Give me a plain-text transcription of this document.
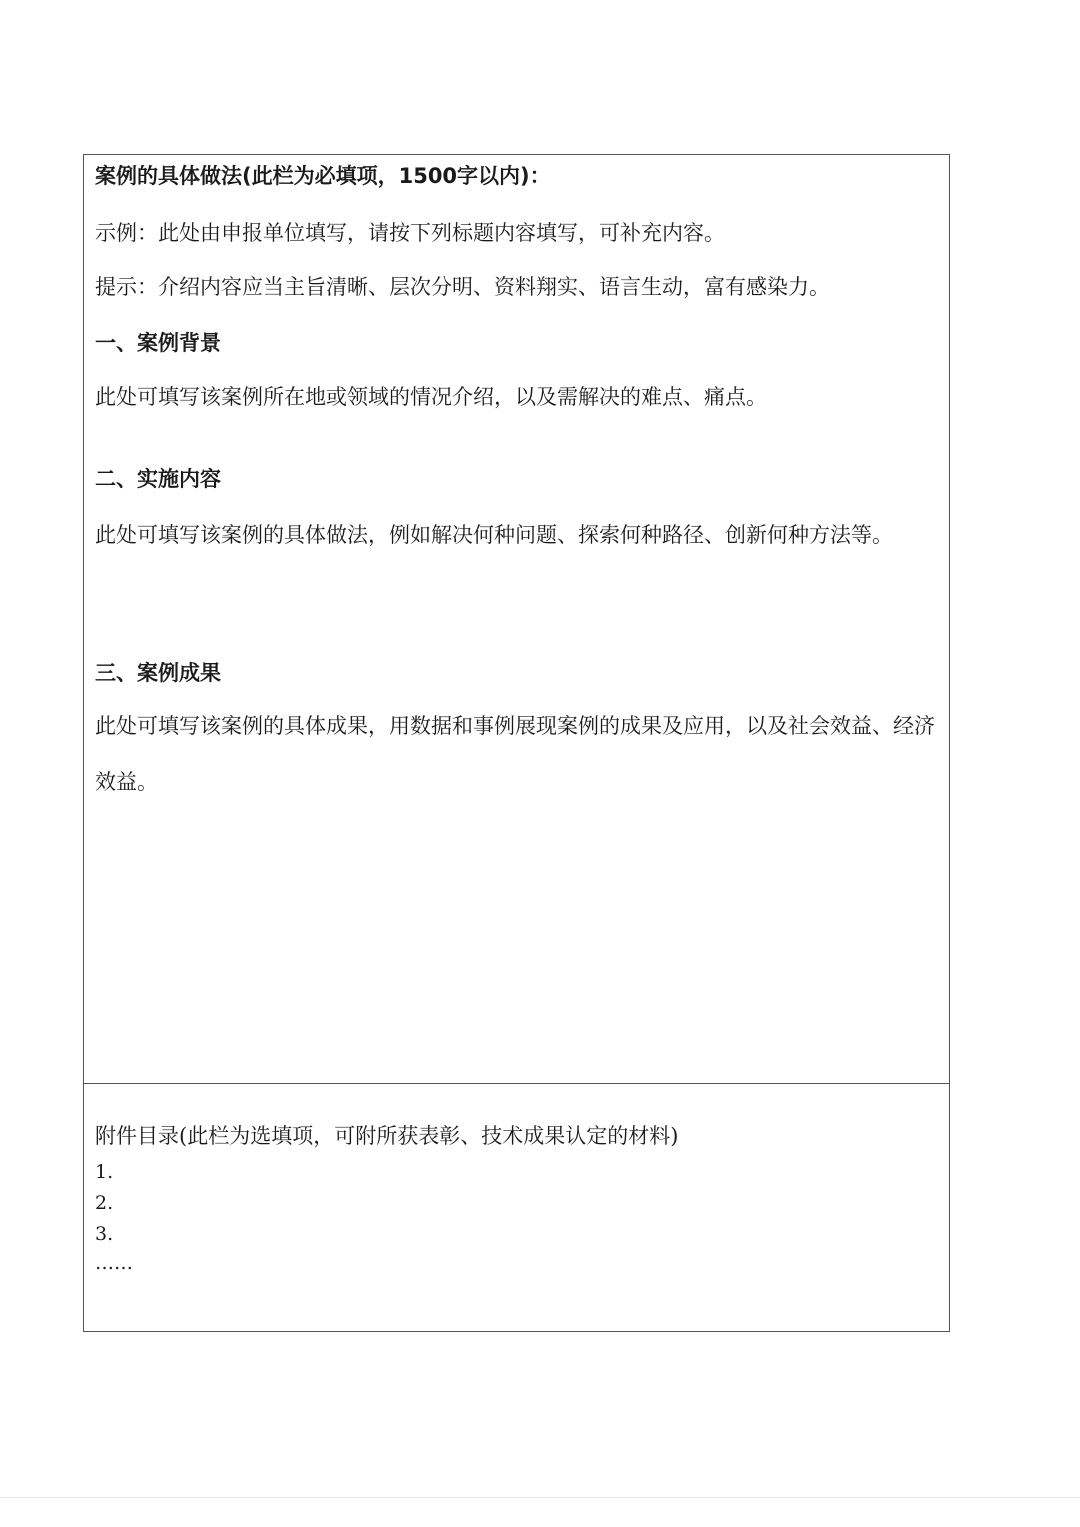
案例的具体做法(此栏为必填项，1500字以内)：
示例：此处由申报单位填写，请按下列标题内容填写，可补充内容。
提示：介绍内容应当主旨清晰、层次分明、资料翔实、语言生动，富有感染力。
一、案例背景
此处可填写该案例所在地或领域的情况介绍，以及需解决的难点、痛点。
二、实施内容
此处可填写该案例的具体做法，例如解决何种问题、探索何种路径、创新何种方法等。
三、案例成果
此处可填写该案例的具体成果，用数据和事例展现案例的成果及应用，以及社会效益、经济效益。
附件目录(此栏为选填项，可附所获表彰、技术成果认定的材料)
1.
2.
3.
……
